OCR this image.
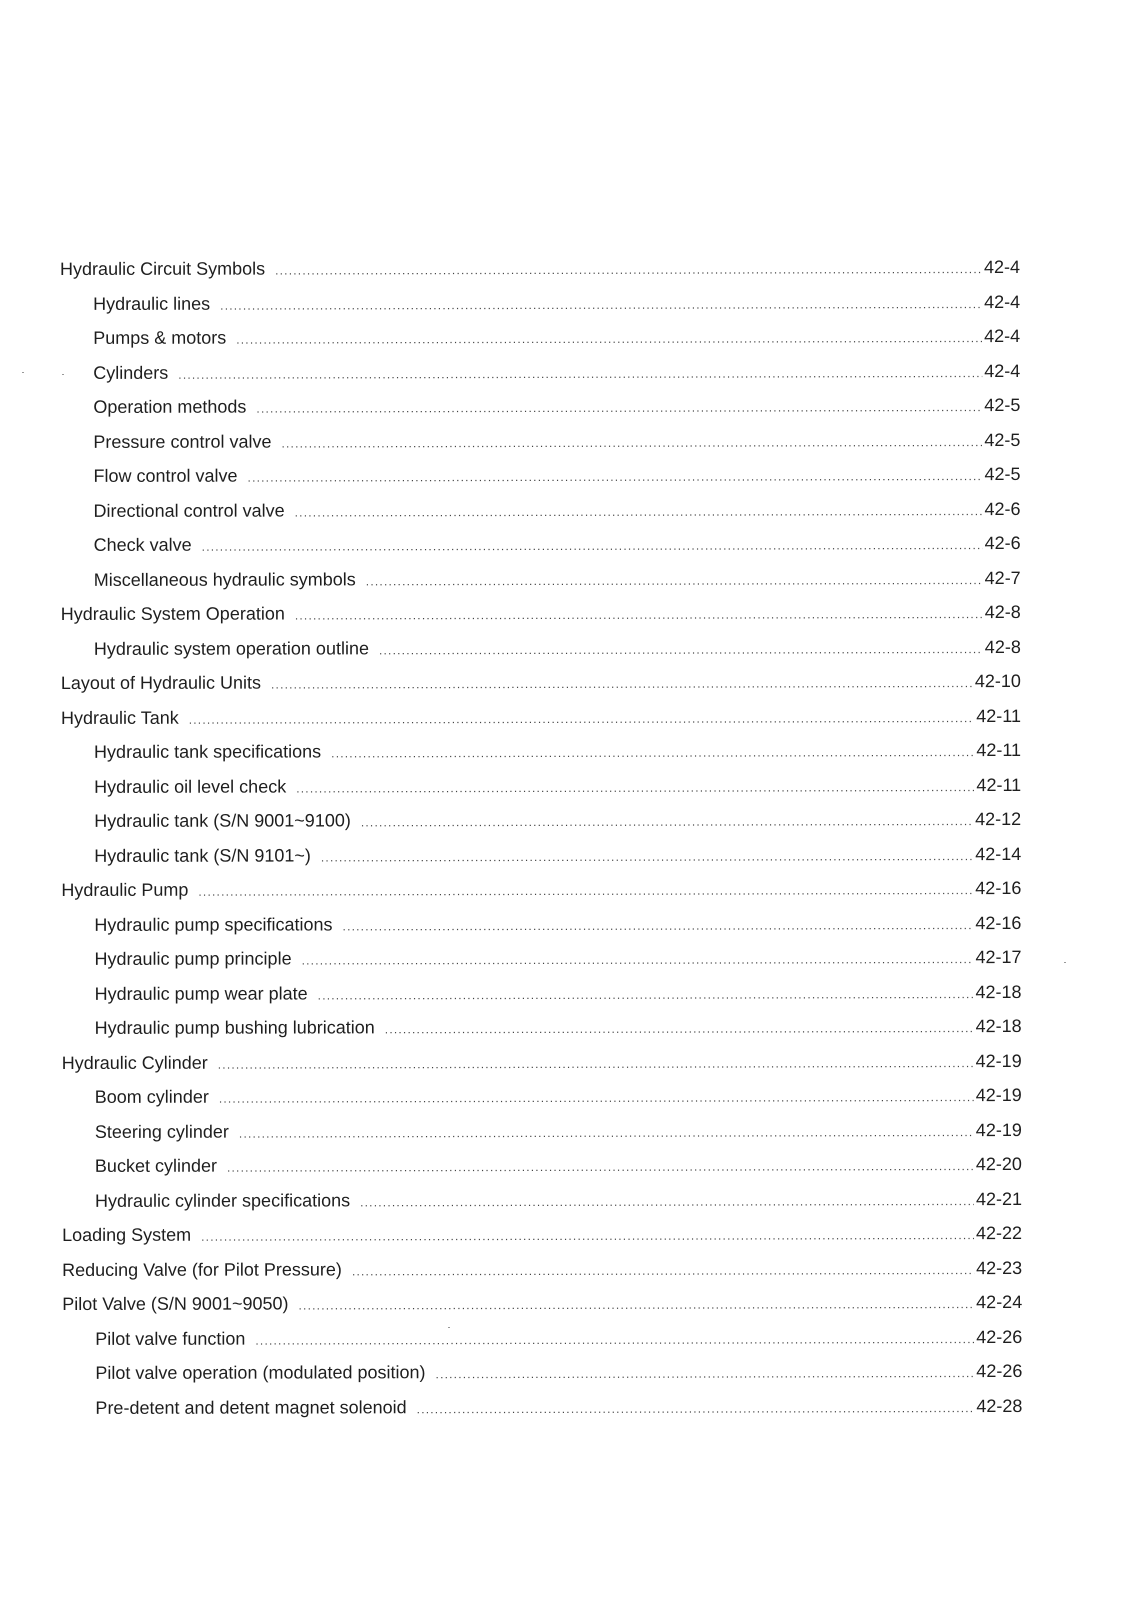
Hydraulic Circuit Symbols .....	42-4
Hydraulic lines .....	42-4
Pumps & motors .....	42-4
Cylinders .....	42-4
Operation methods .....	42-5
Pressure control valve .....	42-5
Flow control valve .....	42-5
Directional control valve .....	42-6
Check valve .....	42-6
Miscellaneous hydraulic symbols .....	42-7
Hydraulic System Operation .....	42-8
Hydraulic system operation outline .....	42-8
Layout of Hydraulic Units .....	42-10
Hydraulic Tank .....	42-11
Hydraulic tank specifications .....	42-11
Hydraulic oil level check .....	42-11
Hydraulic tank (S/N 9001~9100) .....	42-12
Hydraulic tank (S/N 9101~) .....	42-14
Hydraulic Pump .....	42-16
Hydraulic pump specifications .....	42-16
Hydraulic pump principle .....	42-17
Hydraulic pump wear plate .....	42-18
Hydraulic pump bushing lubrication .....	42-18
Hydraulic Cylinder .....	42-19
Boom cylinder .....	42-19
Steering cylinder .....	42-19
Bucket cylinder .....	42-20
Hydraulic cylinder specifications .....	42-21
Loading System .....	42-22
Reducing Valve (for Pilot Pressure) .....	42-23
Pilot Valve (S/N 9001~9050) .....	42-24
Pilot valve function .....	42-26
Pilot valve operation (modulated position) .....	42-26
Pre-detent and detent magnet solenoid .....	42-28
